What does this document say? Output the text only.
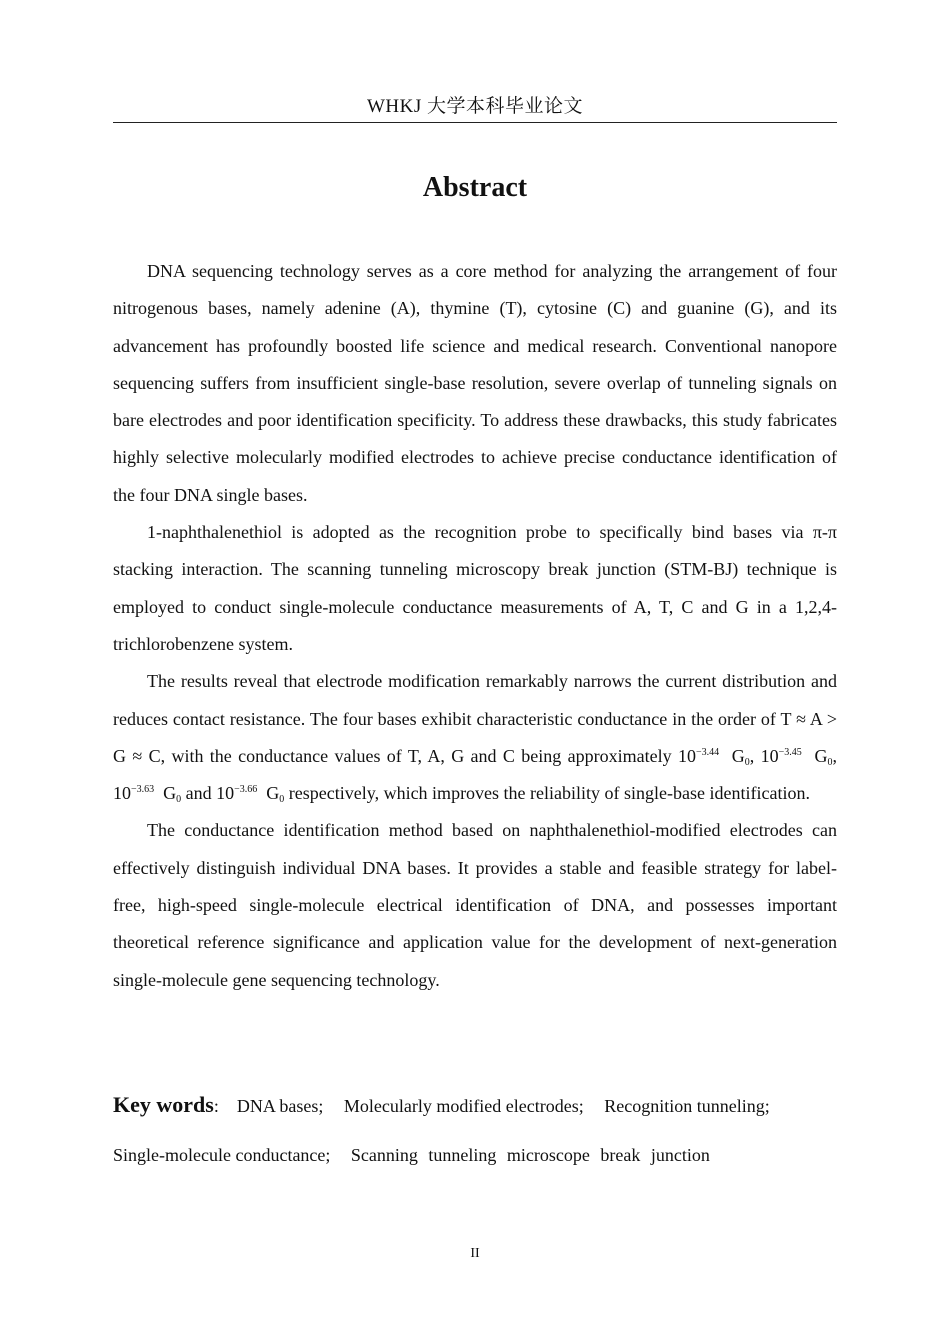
WHKJ 大学本科毕业论文
Abstract

DNA sequencing technology serves as a core method for analyzing the arrangement of four nitrogenous bases, namely adenine (A), thymine (T), cytosine (C) and guanine (G), and its advancement has profoundly boosted life science and medical research. Conventional nanopore sequencing suffers from insufficient single-base resolution, severe overlap of tunneling signals on bare electrodes and poor identification specificity. To address these drawbacks, this study fabricates highly selective molecularly modified electrodes to achieve precise conductance identification of the four DNA single bases.

1-naphthalenethiol is adopted as the recognition probe to specifically bind bases via π-π stacking interaction. The scanning tunneling microscopy break junction (STM-BJ) technique is employed to conduct single-molecule conductance measurements of A, T, C and G in a 1,2,4-trichlorobenzene system.

The results reveal that electrode modification remarkably narrows the current distribution and reduces contact resistance. The four bases exhibit characteristic conductance in the order of T ≈ A > G ≈ C, with the conductance values of T, A, G and C being approximately $10^{-3.44}$ $G_0$, $10^{-3.45}$ $G_0$, $10^{-3.63}$ $G_0$ and $10^{-3.66}$ $G_0$ respectively, which improves the reliability of single-base identification.

The conductance identification method based on naphthalenethiol-modified electrodes can effectively distinguish individual DNA bases. It provides a stable and feasible strategy for label-free, high-speed single-molecule electrical identification of DNA, and possesses important theoretical reference significance and application value for the development of next-generation single-molecule gene sequencing technology.

Key words: DNA bases; Molecularly modified electrodes; Recognition tunneling;
Single-molecule conductance; Scanning tunneling microscope break junction
II
